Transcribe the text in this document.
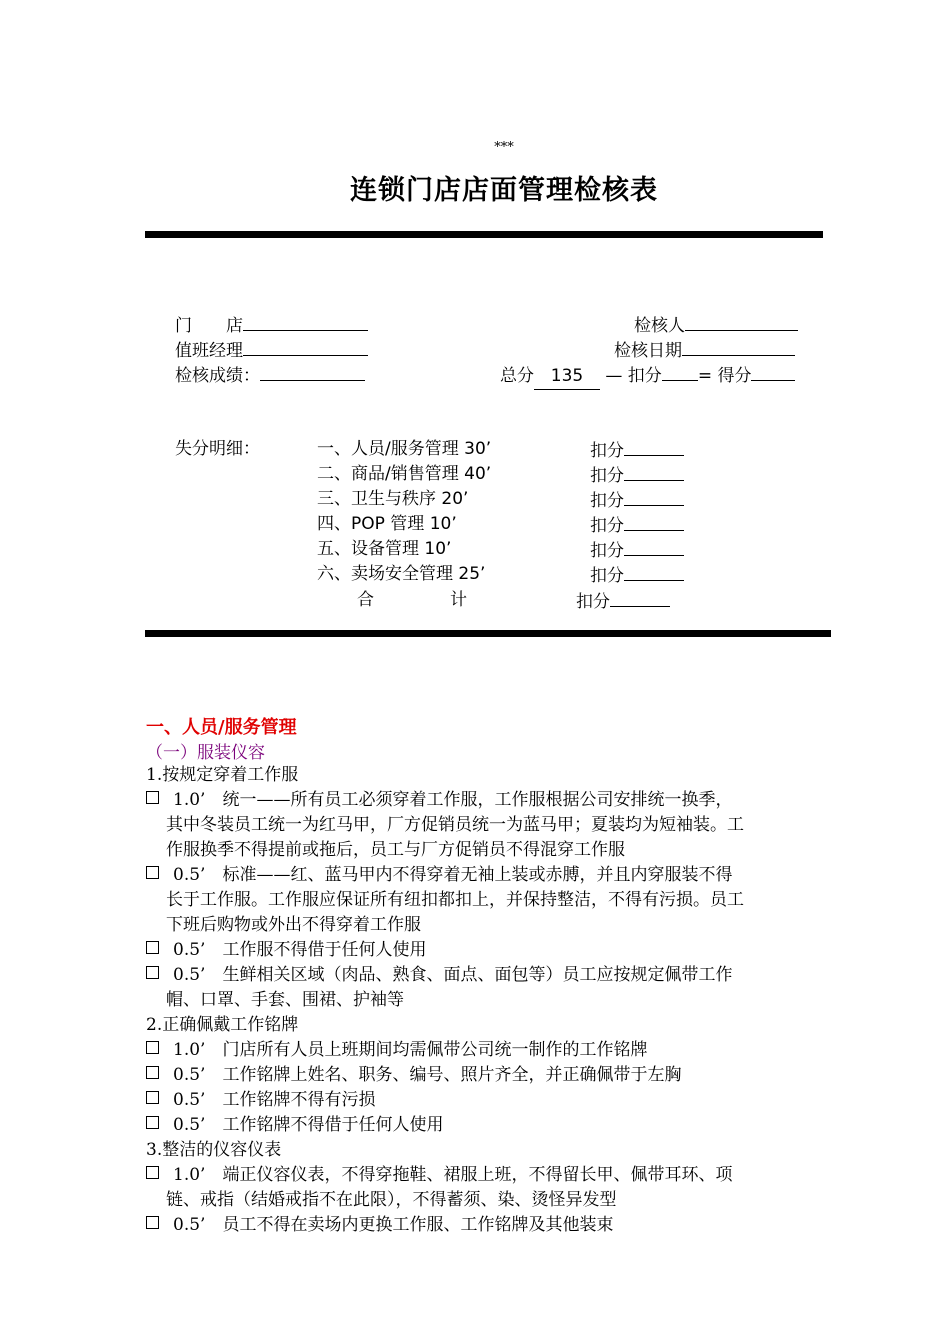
***
连锁门店店面管理检核表
门　　店	检核人
值班经理	检核日期
检核成绩：	总分 135 — 扣分 = 得分
失分明细：	一、人员/服务管理 30’	扣分
二、商品/销售管理 40’	扣分
三、卫生与秩序 20’	扣分
四、POP 管理 10’	扣分
五、设备管理 10’	扣分
六、卖场安全管理 25’	扣分
合	计	扣分
一、人员/服务管理
（一）服装仪容
1.按规定穿着工作服
1.0’　统一——所有员工必须穿着工作服，工作服根据公司安排统一换季，
其中冬装员工统一为红马甲，厂方促销员统一为蓝马甲；夏装均为短袖装。工
作服换季不得提前或拖后，员工与厂方促销员不得混穿工作服
0.5’　标准——红、蓝马甲内不得穿着无袖上装或赤膊，并且内穿服装不得
长于工作服。工作服应保证所有纽扣都扣上，并保持整洁，不得有污损。员工
下班后购物或外出不得穿着工作服
0.5’　工作服不得借于任何人使用
0.5’　生鲜相关区域（肉品、熟食、面点、面包等）员工应按规定佩带工作
帽、口罩、手套、围裙、护袖等
2.正确佩戴工作铭牌
1.0’　门店所有人员上班期间均需佩带公司统一制作的工作铭牌
0.5’　工作铭牌上姓名、职务、编号、照片齐全，并正确佩带于左胸
0.5’　工作铭牌不得有污损
0.5’　工作铭牌不得借于任何人使用
3.整洁的仪容仪表
1.0’　端正仪容仪表，不得穿拖鞋、裙服上班，不得留长甲、佩带耳环、项
链、戒指（结婚戒指不在此限），不得蓄须、染、烫怪异发型
0.5’　员工不得在卖场内更换工作服、工作铭牌及其他装束
